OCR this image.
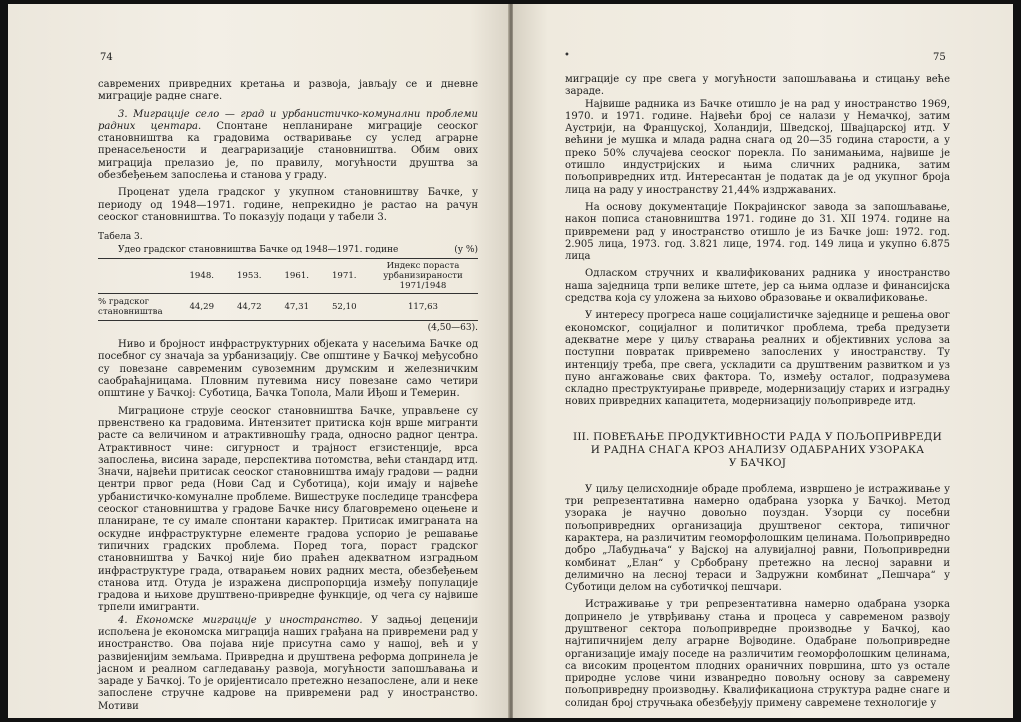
74

савремених привредних кретања и развоја, јављају се и дневне миграције радне снаге.

3. Миграције село — град и урбанистичко-комунални проблеми радних центара. Спонтане непланиране миграције сеоског становништва ка градовима остваривање су услед аграрне пренасељености и деаграризације становништва. Обим ових миграција прелазио је, по правилу, могућности друштва за обезбеђењем запослења и станова у граду.

Проценат удела градског у укупном становништву Бачке, у периоду од 1948—1971. године, непрекидно је растао на рачун сеоског становништва. То показују подаци у табели 3.

Табела 3.
Удео градског становништва Бачке од 1948—1971. године	(у %)
	1948.	1953.	1961.	1971.	Индекс пораста урбанизираности 1971/1948
% градског становништва	44,29	44,72	47,31	52,10	117,63
(4,50—63).

Ниво и бројност инфраструктурних објеката у насељима Бачке од посебног су значаја за урбанизацију. Све општине у Бачкој међусобно су повезане савременим сувоземним друмским и железничким саобраћајницама. Пловним путевима нису повезане само четири општине у Бачкој: Суботица, Бачка Топола, Мали Иђош и Темерин.

Миграционе струје сеоског становништва Бачке, управљене су првенствено ка градовима. Интензитет притиска којн врше мигранти расте са величином и атрактивношћу града, односно радног центра. Атрактивност чине: сигурност и трајност егзистенције, врса запослења, висина зараде, перспектива потомства, већи стандард итд. Значи, највећи притисак сеоског становништва имају градови — радни центри првог реда (Нови Сад и Суботица), који имају и највеће урбанистичко-комуналне проблеме. Вишеструке последице трансфера сеоског становништва у градове Бачке нису благовремено оцењене и планиране, те су имале спонтани карактер. Притисак имиграната на оскудне инфраструктурне елементе градова успорио је решавање типичних градских проблема. Поред тога, пораст градског становништва у Бачкој није био праћен адекватном изградњом инфраструктуре града, отварањем нових радних места, обезбеђењем станова итд. Отуда је изражена диспропорција између популације градова и њихове друштвено-привредне функције, од чега су највише трпели имигранти.

4. Економске миграције у иностранство. У задњој деценији испољена је економска миграција наших грађана на привремени рад у иностранство. Ова појава није присутна само у нашој, већ и у развијенијим земљама. Привредна и друштвена реформа допринела је јасном и реалном сагледавању развоја, могућности запошљавања и зараде у Бачкој. То је оријентисало претежно незапослене, али и неке запослене стручне кадрове на привремени рад у иностранство. Мотиви

•	75

миграције су пре свега у могућности запошљавања и стицању веће зараде.

Највише радника из Бачке отишло је на рад у иностранство 1969, 1970. и 1971. године. Највећи број се налази у Немачкој, затим Аустрији, на Француској, Холандији, Шведској, Швајцарској итд. У већини је мушка и млада радна снага од 20—35 година старости, а у преко 50% случајева сеоског порекла. По занимањима, највише је отишло индустријских и њима сличних радника, затим пољопривредних итд. Интересантан је податак да је од укупног броја лица на раду у иностранству 21,44% издржаваних.

На основу документације Покрајинског завода за запошљавање, након пописа становништва 1971. године до 31. XII 1974. године на привремени рад у иностранство отишло је из Бачке још: 1972. год. 2.905 лица, 1973. год. 3.821 лице, 1974. год. 149 лица и укупно 6.875 лица

Одласком стручних и квалификованих радника у иностранство наша заједница трпи велике штете, јер са њима одлазе и финансијска средства која су уложена за њихово образовање и оквалификовање.

У интересу прогреса наше социјалистичке заједнице и решења овог економског, социјалног и политичког проблема, треба предузети адекватне мере у циљу стварања реалних и објективних услова за поступни повратак привремено запослених у иностранству. Ту интенцију треба, пре свега, ускладити са друштвеним развитком и уз пуно ангажовање свих фактора. То, између осталог, подразумева складно преструктуирање привреде, модернизацију старих и изградњу нових привредних капацитета, модернизацију пољопривреде итд.

III. ПОВЕЋАЊЕ ПРОДУКТИВНОСТИ РАДА У ПОЉОПРИВРЕДИ
И РАДНА СНАГА КРОЗ АНАЛИЗУ ОДАБРАНИХ УЗОРАКА
У БАЧКОЈ

У циљу целисходније обраде проблема, извршено је истраживање у три репрезентативна намерно одабрана узорка у Бачкој. Метод узорака је научно довољно поуздан. Узорци су посебни пољопривредних организација друштвеног сектора, типичног карактера, на различитим геоморфолошким целинама. Пољопривредно добро „Лабудњача“ у Вајској на алувијалној равни, Пољопривредни комбинат „Елан“ у Србобрану претежно на лесној заравни и делимично на лесној тераси и Задружни комбинат „Пешчара“ у Суботици делом на суботичкој пешчари.

Истраживање у три репрезентативна намерно одабрана узорка допринело је утврђивању стања и процеса у савременом развоју друштвеног сектора пољопривредне производње у Бачкој, као најтипичнијем делу аграрне Војводине. Одабране пољопривредне организације имају поседе на различитим геоморфолошким целинама, са високим процентом плодних ораничних површина, што уз остале природне услове чини изванредно повољну основу за савремену пољопривредну производњу. Квалификациона структура радне снаге и солидан број стручњака обезбеђују примену савремене технологије у
